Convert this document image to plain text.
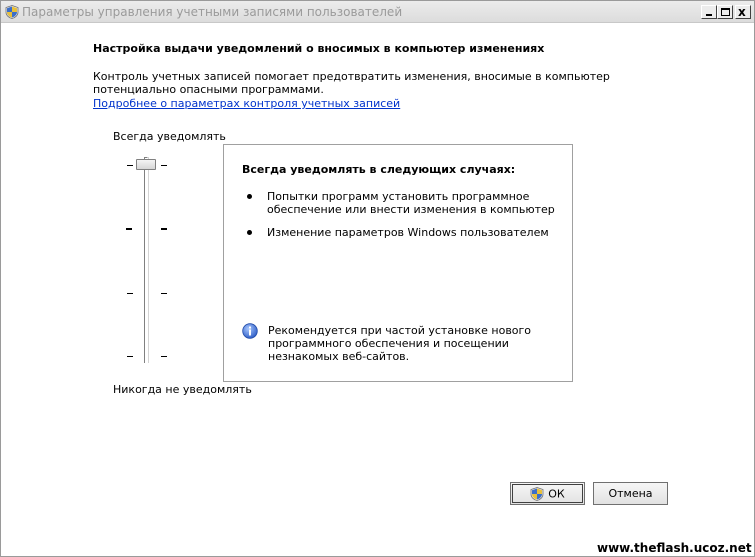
Параметры управления учетными записями пользователей	x
Настройка выдачи уведомлений о вносимых в компьютер изменениях
Контроль учетных записей помогает предотвратить изменения, вносимые в компьютер потенциально опасными программами.
Подробнее о параметрах контроля учетных записей
Всегда уведомлять
Никогда не уведомлять
Всегда уведомлять в следующих случаях:
Попытки программ установить программное обеспечение или внести изменения в компьютер
Изменение параметров Windows пользователем
Рекомендуется при частой установке нового программного обеспечения и посещении незнакомых веб-сайтов.
ОК	Отмена
www.theflash.ucoz.net
